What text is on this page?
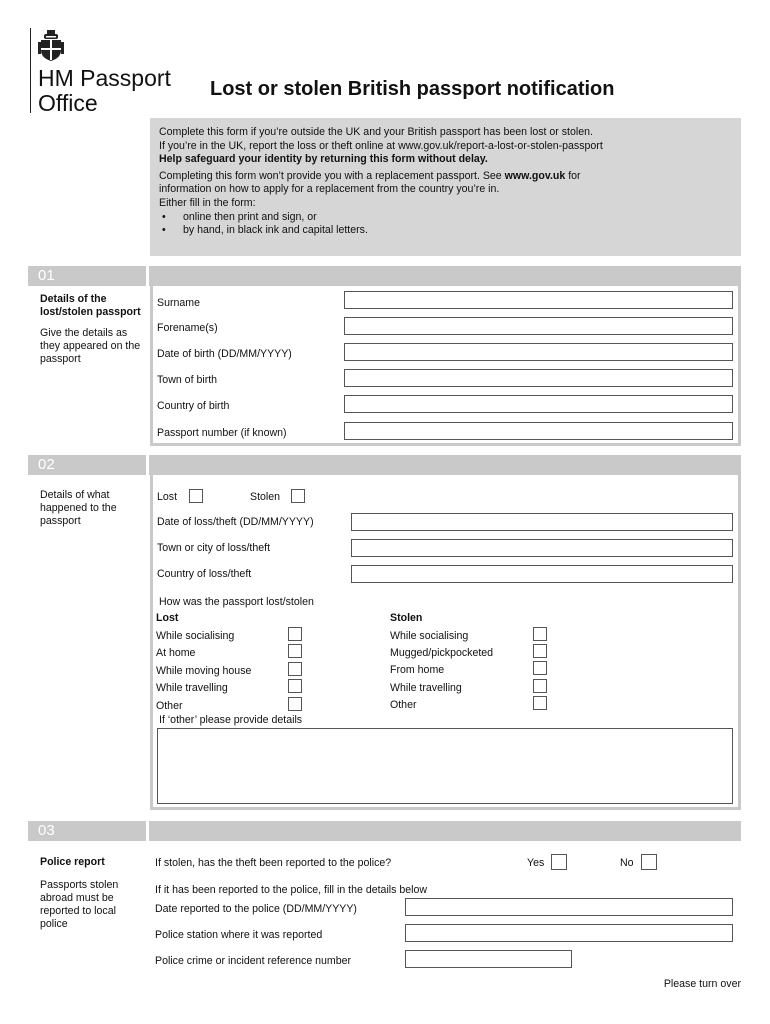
HM Passport
Office
Lost or stolen British passport notification

Complete this form if you’re outside the UK and your British passport has been lost or stolen.

If you’re in the UK, report the loss or theft online at www.gov.uk/report-a-lost-or-stolen-passport

Help safeguard your identity by returning this form without delay.

Completing this form won’t provide you with a replacement passport. See www.gov.uk for

information on how to apply for a replacement from the country you’re in.

Either fill in the form:

• online then print and sign, or
• by hand, in black ink and capital letters.
01
Details of the lost/stolen passport
Give the details as they appeared on the passport
Surname
Forename(s)
Date of birth (DD/MM/YYYY)
Town of birth
Country of birth
Passport number (if known)
02
Details of what happened to the passport
Lost	Stolen
Date of loss/theft (DD/MM/YYYY)
Town or city of loss/theft
Country of loss/theft
How was the passport lost/stolen
Lost
While socialising
At home
While moving house
While travelling
Other
Stolen
While socialising
Mugged/pickpocketed
From home
While travelling
Other
If ‘other’ please provide details
03
Police report
Passports stolen abroad must be reported to local police
If stolen, has the theft been reported to the police?	Yes	No
If it has been reported to the police, fill in the details below
Date reported to the police (DD/MM/YYYY)
Police station where it was reported
Police crime or incident reference number
Please turn over
